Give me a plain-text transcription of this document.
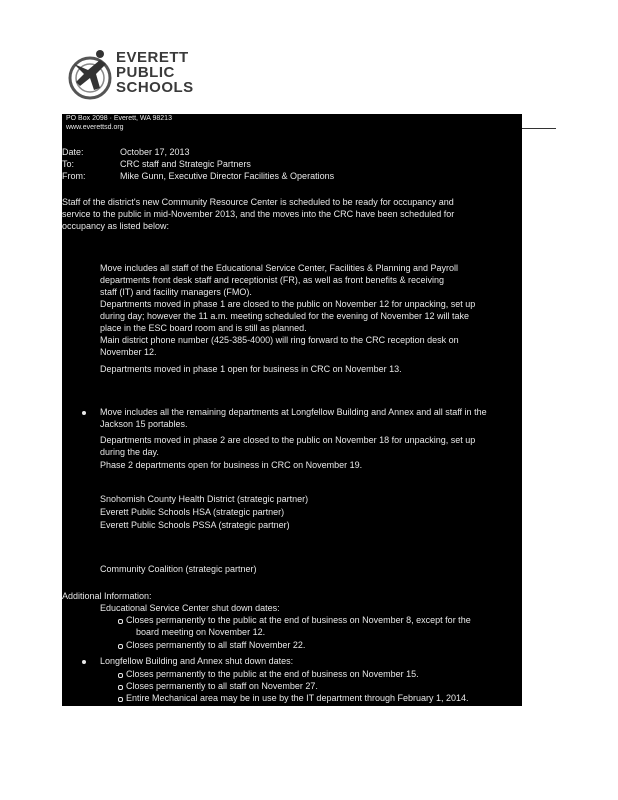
EVERETT
PUBLIC
SCHOOLS
PO Box 2098 · Everett, WA 98213
www.everettsd.org
Date:	October 17, 2013
To:	CRC staff and Strategic Partners
From:	Mike Gunn, Executive Director Facilities & Operations
Staff of the district's new Community Resource Center is scheduled to be ready for occupancy and
service to the public in mid-November 2013, and the moves into the CRC have been scheduled for
occupancy as listed below:
Move includes all staff of the Educational Service Center, Facilities & Planning and Payroll
departments front desk staff and receptionist (FR), as well as front benefits & receiving
staff (IT) and facility managers (FMO).
Departments moved in phase 1 are closed to the public on November 12 for unpacking, set up
during day; however the 11 a.m. meeting scheduled for the evening of November 12 will take
place in the ESC board room and is still as planned.
Main district phone number (425-385-4000) will ring forward to the CRC reception desk on
November 12.
Departments moved in phase 1 open for business in CRC on November 13.
Move includes all the remaining departments at Longfellow Building and Annex and all staff in the
Jackson 15 portables.
Departments moved in phase 2 are closed to the public on November 18 for unpacking, set up
during the day.
Phase 2 departments open for business in CRC on November 19.
Snohomish County Health District (strategic partner)
Everett Public Schools HSA (strategic partner)
Everett Public Schools PSSA (strategic partner)
Community Coalition (strategic partner)
Additional Information:
Educational Service Center shut down dates:
Closes permanently to the public at the end of business on November 8, except for the
board meeting on November 12.
Closes permanently to all staff November 22.
Longfellow Building and Annex shut down dates:
Closes permanently to the public at the end of business on November 15.
Closes permanently to all staff on November 27.
Entire Mechanical area may be in use by the IT department through February 1, 2014.
